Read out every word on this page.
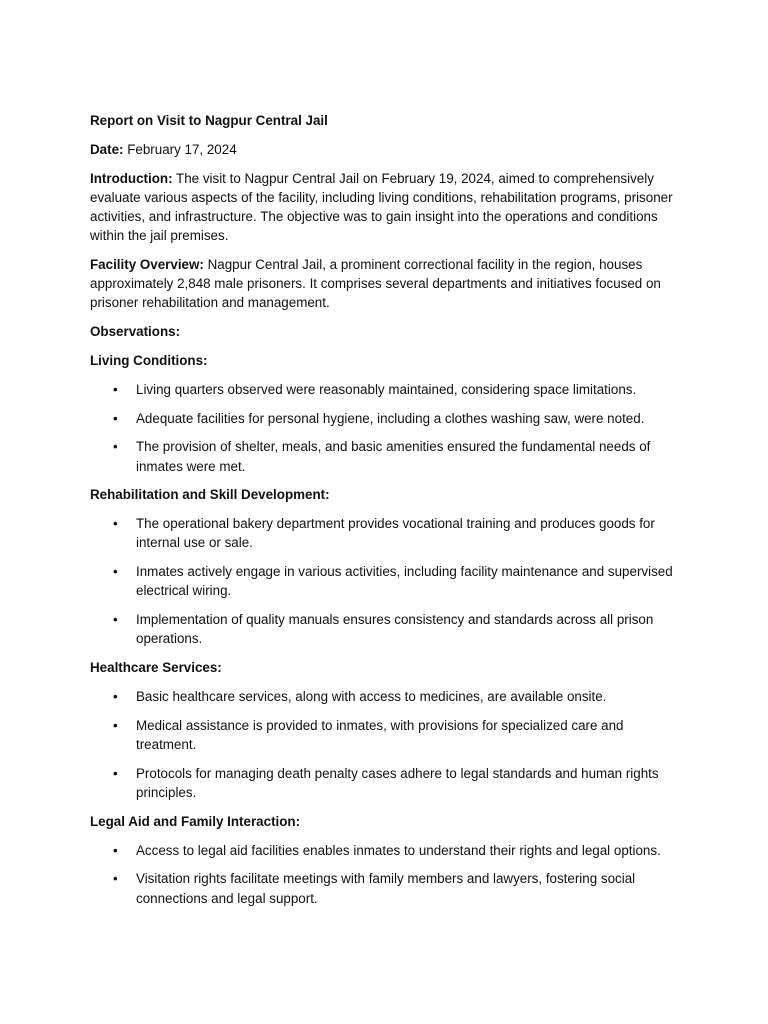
Report on Visit to Nagpur Central Jail

Date: February 17, 2024

Introduction: The visit to Nagpur Central Jail on February 19, 2024, aimed to comprehensively evaluate various aspects of the facility, including living conditions, rehabilitation programs, prisoner activities, and infrastructure. The objective was to gain insight into the operations and conditions within the jail premises.

Facility Overview: Nagpur Central Jail, a prominent correctional facility in the region, houses approximately 2,848 male prisoners. It comprises several departments and initiatives focused on prisoner rehabilitation and management.

Observations:

Living Conditions:

• Living quarters observed were reasonably maintained, considering space limitations.
• Adequate facilities for personal hygiene, including a clothes washing saw, were noted.
• The provision of shelter, meals, and basic amenities ensured the fundamental needs of inmates were met.

Rehabilitation and Skill Development:

• The operational bakery department provides vocational training and produces goods for internal use or sale.
• Inmates actively engage in various activities, including facility maintenance and supervised electrical wiring.
• Implementation of quality manuals ensures consistency and standards across all prison operations.

Healthcare Services:

• Basic healthcare services, along with access to medicines, are available onsite.
• Medical assistance is provided to inmates, with provisions for specialized care and treatment.
• Protocols for managing death penalty cases adhere to legal standards and human rights principles.

Legal Aid and Family Interaction:

• Access to legal aid facilities enables inmates to understand their rights and legal options.
• Visitation rights facilitate meetings with family members and lawyers, fostering social connections and legal support.
